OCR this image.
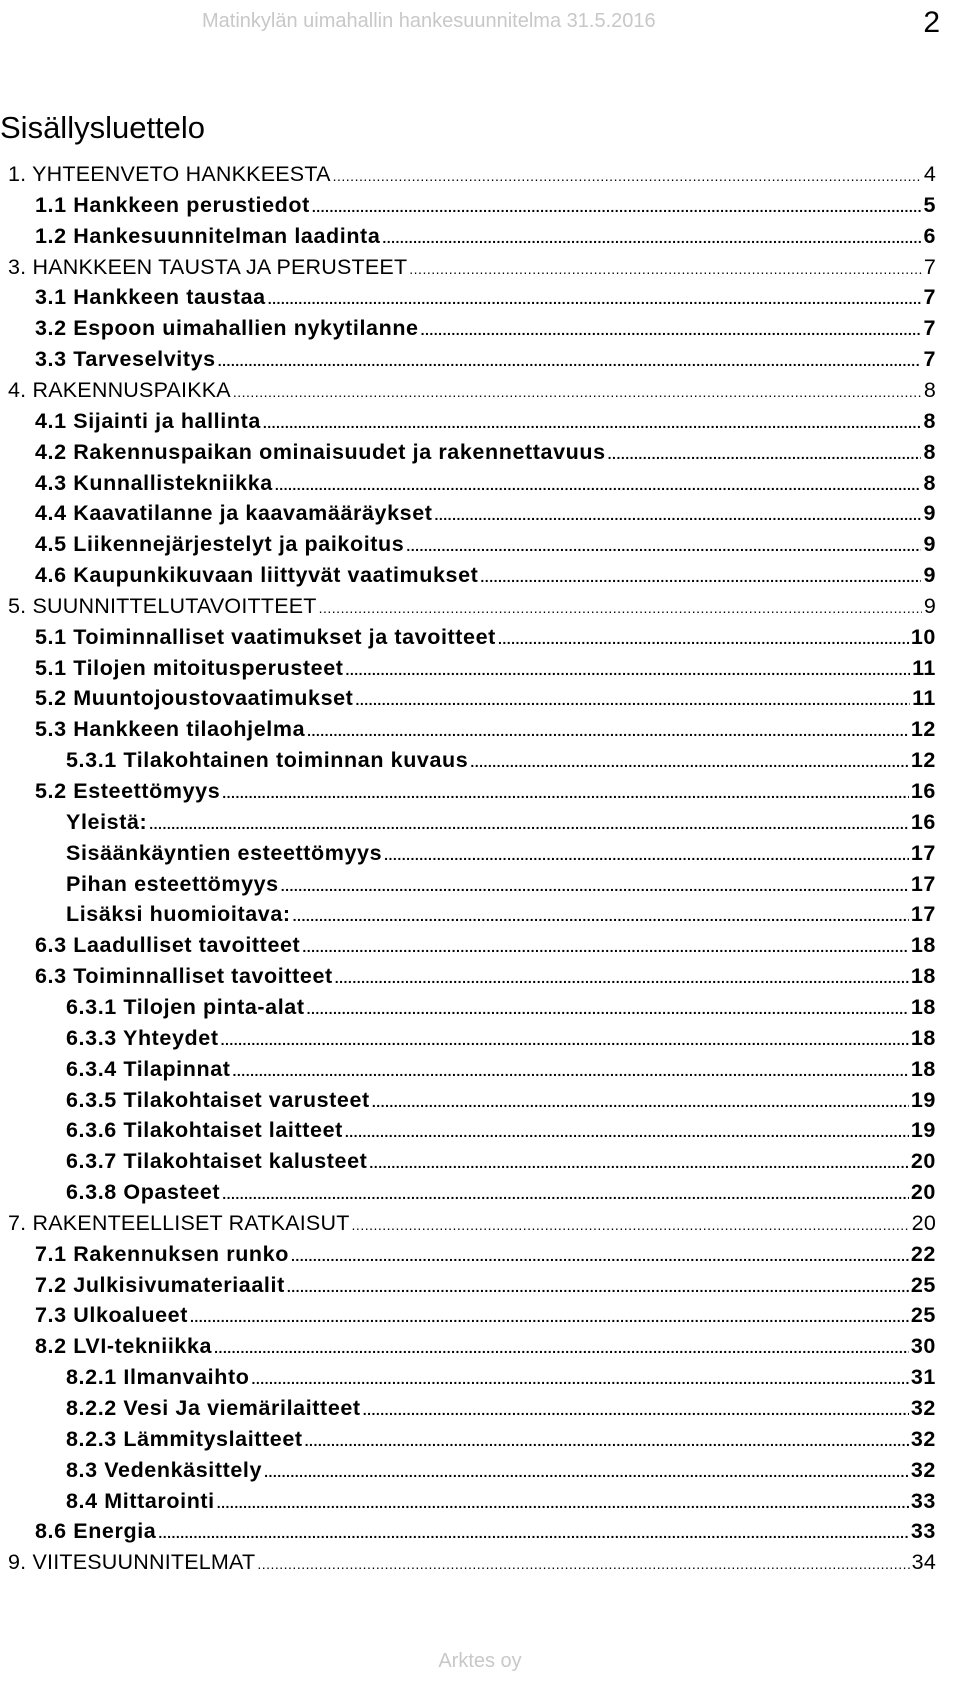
Matinkylän uimahallin hankesuunnitelma 31.5.2016	2
Sisällysluettelo
1. YHTEENVETO HANKKEESTA .....	4
1.1 Hankkeen perustiedot .....	5
1.2 Hankesuunnitelman laadinta .....	6
3. HANKKEEN TAUSTA JA PERUSTEET .....	7
3.1 Hankkeen taustaa .....	7
3.2 Espoon uimahallien nykytilanne .....	7
3.3 Tarveselvitys .....	7
4. RAKENNUSPAIKKA .....	8
4.1 Sijainti ja hallinta .....	8
4.2 Rakennuspaikan ominaisuudet ja rakennettavuus .....	8
4.3 Kunnallistekniikka .....	8
4.4 Kaavatilanne ja kaavamääräykset .....	9
4.5 Liikennejärjestelyt ja paikoitus .....	9
4.6 Kaupunkikuvaan liittyvät vaatimukset .....	9
5. SUUNNITTELUTAVOITTEET .....	9
5.1 Toiminnalliset vaatimukset ja tavoitteet .....	10
5.1 Tilojen mitoitusperusteet .....	11
5.2 Muuntojoustovaatimukset .....	11
5.3 Hankkeen tilaohjelma .....	12
5.3.1 Tilakohtainen toiminnan kuvaus .....	12
5.2 Esteettömyys .....	16
Yleistä: .....	16
Sisäänkäyntien esteettömyys .....	17
Pihan esteettömyys .....	17
Lisäksi huomioitava: .....	17
6.3 Laadulliset tavoitteet .....	18
6.3 Toiminnalliset tavoitteet .....	18
6.3.1 Tilojen pinta-alat .....	18
6.3.3 Yhteydet .....	18
6.3.4 Tilapinnat .....	18
6.3.5 Tilakohtaiset varusteet .....	19
6.3.6 Tilakohtaiset laitteet .....	19
6.3.7 Tilakohtaiset kalusteet .....	20
6.3.8 Opasteet .....	20
7. RAKENTEELLISET RATKAISUT .....	20
7.1 Rakennuksen runko .....	22
7.2 Julkisivumateriaalit .....	25
7.3 Ulkoalueet .....	25
8.2 LVI-tekniikka .....	30
8.2.1 Ilmanvaihto .....	31
8.2.2 Vesi Ja viemärilaitteet .....	32
8.2.3 Lämmityslaitteet .....	32
8.3 Vedenkäsittely .....	32
8.4 Mittarointi .....	33
8.6 Energia .....	33
9. VIITESUUNNITELMAT .....	34
Arktes oy
